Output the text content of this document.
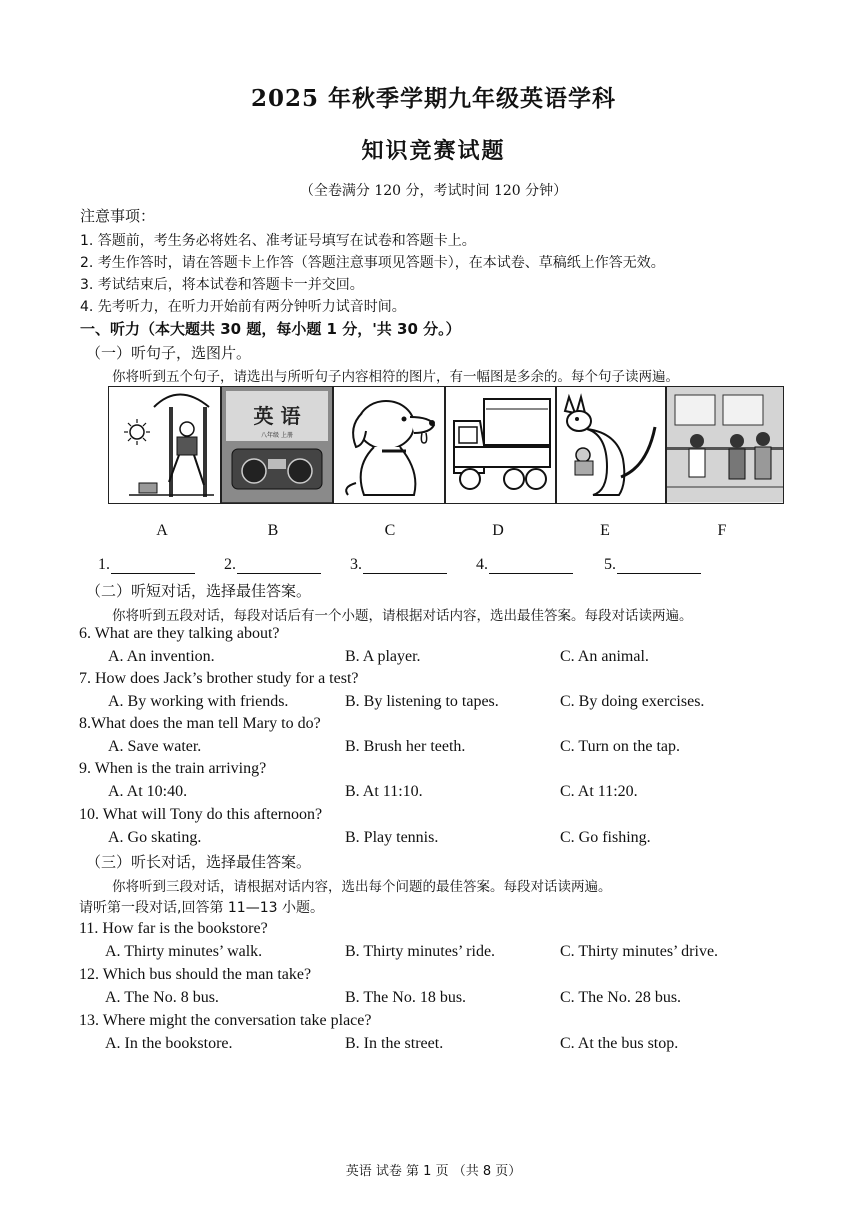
2025 年秋季学期九年级英语学科
知识竞赛试题
（全卷满分 120 分，考试时间 120 分钟）
注意事项：
1. 答题前，考生务必将姓名、准考证号填写在试卷和答题卡上。
2. 考生作答时，请在答题卡上作答（答题注意事项见答题卡），在本试卷、草稿纸上作答无效。
3. 考试结束后，将本试卷和答题卡一并交回。
4. 先考听力，在听力开始前有两分钟听力试音时间。
一、听力（本大题共 30 题，每小题 1 分，'共 30 分。）
（一）听句子，选图片。
你将听到五个句子，请选出与所听句子内容相符的图片，有一幅图是多余的。每个句子读两遍。
英 语
八年级 上册
A	B	C	D	E	F
1.	2.	3.	4.	5.
（二）听短对话，选择最佳答案。
你将听到五段对话，每段对话后有一个小题，请根据对话内容，选出最佳答案。每段对话读两遍。
6. What are they talking about?
A. An invention.	B. A player.	C. An animal.
7. How does Jack’s brother study for a test?
A. By working with friends.	B. By listening to tapes.	C. By doing exercises.
8.What does the man tell Mary to do?
A. Save water.	B. Brush her teeth.	C. Turn on the tap.
9. When is the train arriving?
A. At 10:40.	B. At 11:10.	C. At 11:20.
10. What will Tony do this afternoon?
A. Go skating.	B. Play tennis.	C. Go fishing.
（三）听长对话，选择最佳答案。
你将听到三段对话，请根据对话内容，选出每个问题的最佳答案。每段对话读两遍。
请听第一段对话,回答第 11—13 小题。
11. How far is the bookstore?
A. Thirty minutes’ walk.	B. Thirty minutes’ ride.	C. Thirty minutes’ drive.
12. Which bus should the man take?
A. The No. 8 bus.	B. The No. 18 bus.	C. The No. 28 bus.
13. Where might the conversation take place?
A. In the bookstore.	B. In the street.	C. At the bus stop.
英语 试卷 第 1 页 （共 8 页）
